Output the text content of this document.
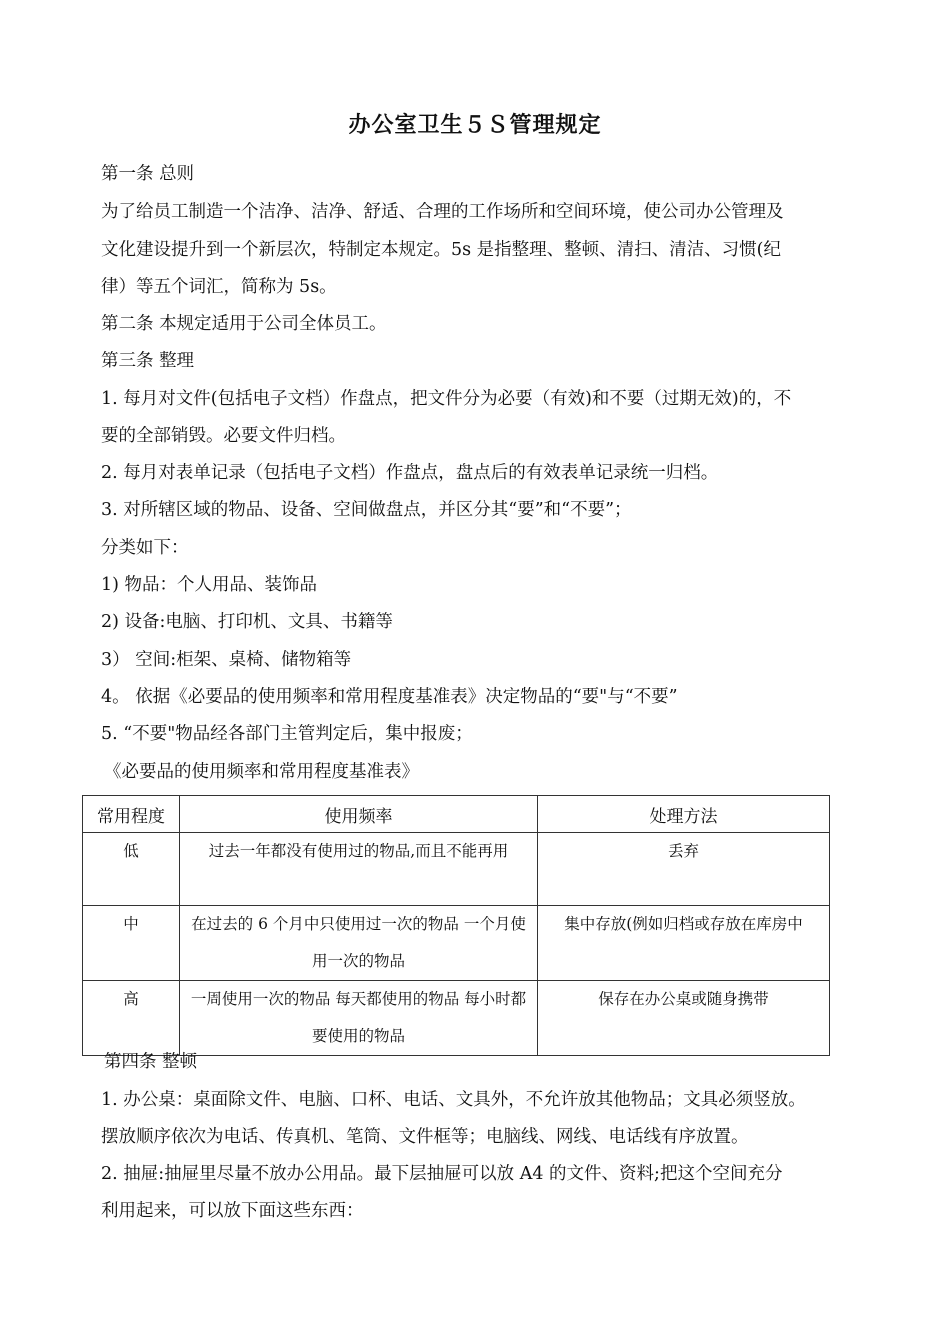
办公室卫生５Ｓ管理规定
第一条 总则
为了给员工制造一个洁净、洁净、舒适、合理的工作场所和空间环境，使公司办公管理及
文化建设提升到一个新层次，特制定本规定。5s 是指整理、整顿、清扫、清洁、习惯(纪
律）等五个词汇，简称为 5s。
第二条 本规定适用于公司全体员工。
第三条 整理
1. 每月对文件(包括电子文档）作盘点，把文件分为必要（有效)和不要（过期无效)的，不
要的全部销毁。必要文件归档。
2. 每月对表单记录（包括电子文档）作盘点，盘点后的有效表单记录统一归档。
3. 对所辖区域的物品、设备、空间做盘点，并区分其“要”和“不要”；
分类如下：
1) 物品：个人用品、装饰品
2) 设备:电脑、打印机、文具、书籍等
3） 空间:柜架、桌椅、储物箱等
4。 依据《必要品的使用频率和常用程度基准表》决定物品的“要"与“不要”
5. “不要"物品经各部门主管判定后，集中报废；
《必要品的使用频率和常用程度基准表》
常用程度	使用频率	处理方法
低	过去一年都没有使用过的物品,而且不能再用	丢弃
中	在过去的 6 个月中只使用过一次的物品 一个月使用一次的物品	集中存放(例如归档或存放在库房中
高	一周使用一次的物品 每天都使用的物品 每小时都要使用的物品	保存在办公桌或随身携带
第四条 整顿
1. 办公桌：桌面除文件、电脑、口杯、电话、文具外，不允许放其他物品；文具必须竖放。
摆放顺序依次为电话、传真机、笔筒、文件框等；电脑线、网线、电话线有序放置。
2. 抽屉:抽屉里尽量不放办公用品。最下层抽屉可以放 A4 的文件、资料;把这个空间充分
利用起来，可以放下面这些东西：
